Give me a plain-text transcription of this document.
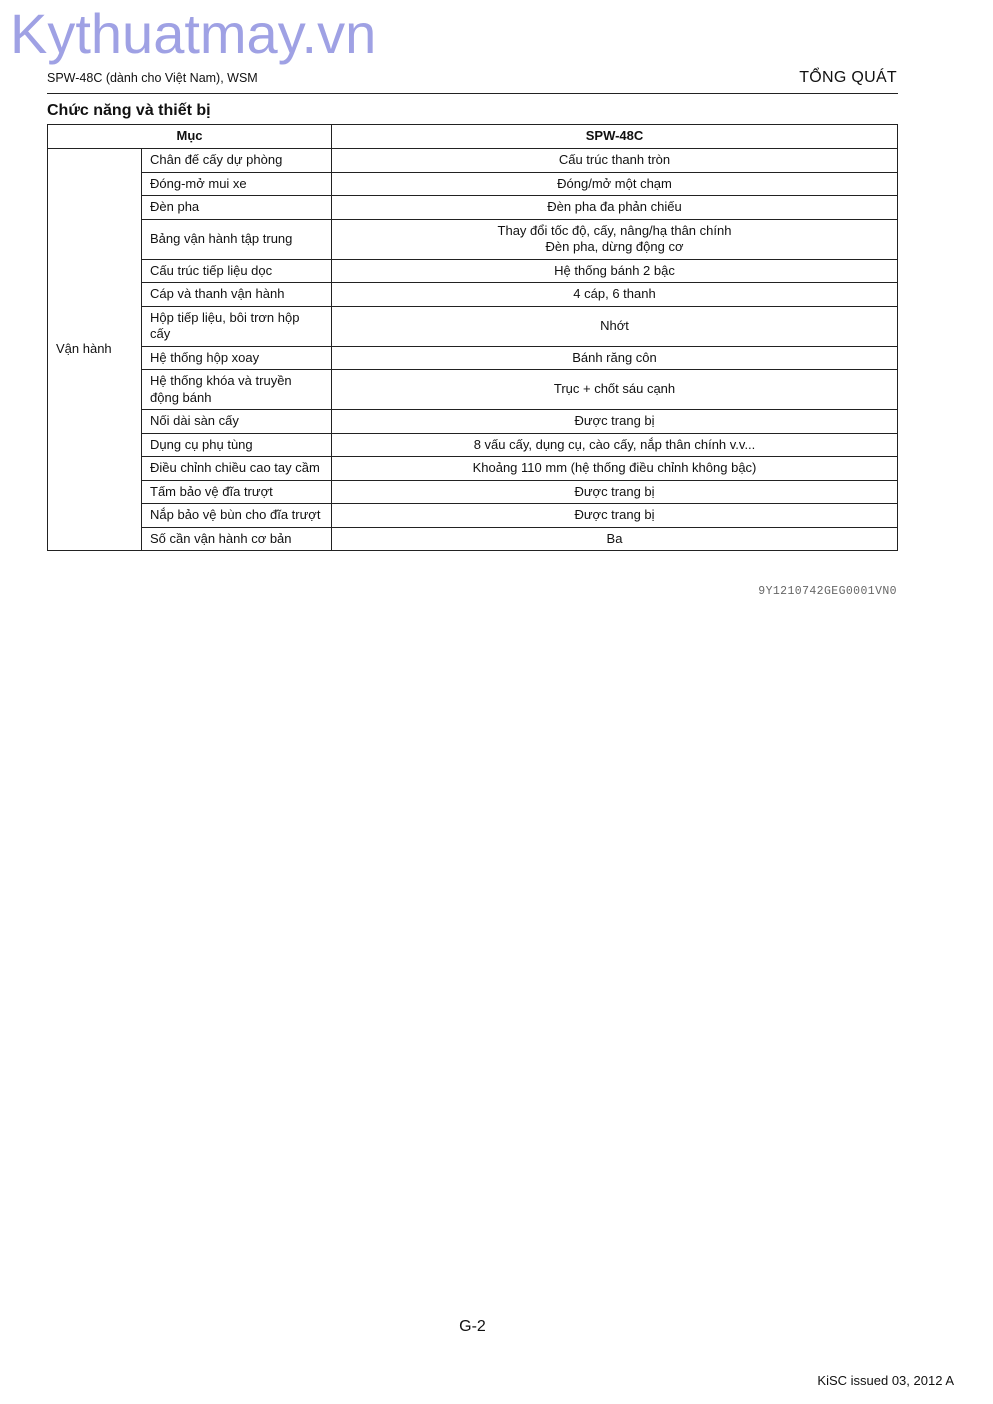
Kythuatmay.vn
SPW-48C (dành cho Việt Nam), WSM	TỔNG QUÁT
Chức năng và thiết bị
Mục		SPW-48C
Vận hành	Chân đế cấy dự phòng	Cấu trúc thanh tròn

	Đóng-mở mui xe	Đóng/mở một chạm

	Đèn pha	Đèn pha đa phản chiếu

	Bảng vận hành tập trung	Thay đổi tốc độ, cấy, nâng/hạ thân chính
Đèn pha, dừng động cơ

	Cấu trúc tiếp liệu dọc	Hệ thống bánh 2 bậc

	Cáp và thanh vận hành	4 cáp, 6 thanh

	Hộp tiếp liệu, bôi trơn hộp cấy	Nhớt

	Hệ thống hộp xoay	Bánh răng côn

	Hệ thống khóa và truyền động bánh	Trục + chốt sáu cạnh

	Nối dài sàn cấy	Được trang bị

	Dụng cụ phụ tùng	8 vấu cấy, dụng cụ, cào cấy, nắp thân chính v.v...

	Điều chỉnh chiều cao tay cầm	Khoảng 110 mm (hệ thống điều chỉnh không bậc)

	Tấm bảo vệ đĩa trượt	Được trang bị

	Nắp bảo vệ bùn cho đĩa trượt	Được trang bị

	Số cần vận hành cơ bản	Ba
9Y1210742GEG0001VN0
G-2
KiSC issued 03, 2012 A
